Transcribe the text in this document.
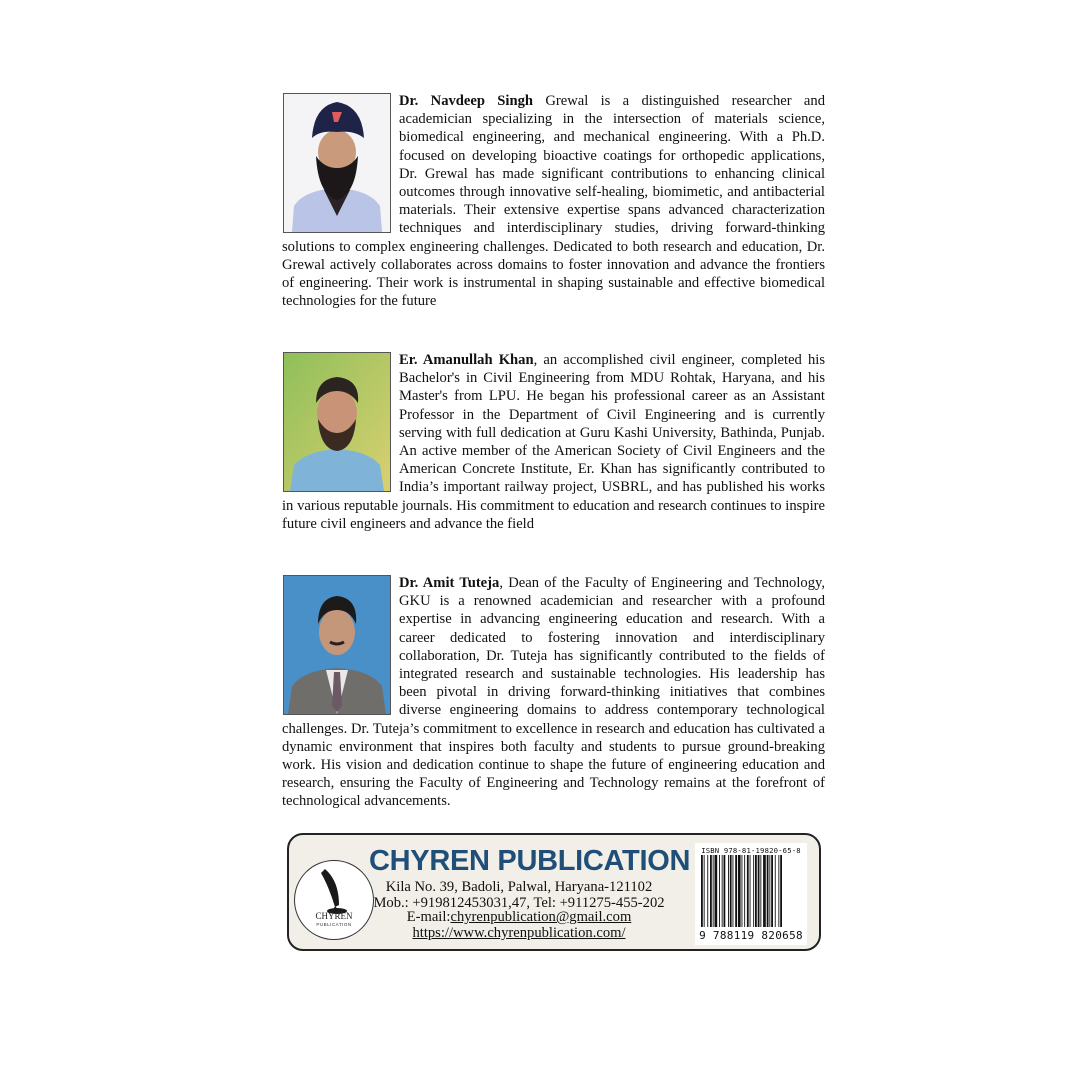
Dr. Navdeep Singh Grewal is a distinguished researcher and academician specializing in the intersection of materials science, biomedical engineering, and mechanical engineering. With a Ph.D. focused on developing bioactive coatings for orthopedic applications, Dr. Grewal has made significant contributions to enhancing clinical outcomes through innovative self-healing, biomimetic, and antibacterial materials. Their extensive expertise spans advanced characterization techniques and interdisciplinary studies, driving forward-thinking solutions to complex engineering challenges. Dedicated to both research and education, Dr. Grewal actively collaborates across domains to foster innovation and advance the frontiers of engineering. Their work is instrumental in shaping sustainable and effective biomedical technologies for the future

Er. Amanullah Khan, an accomplished civil engineer, completed his Bachelor's in Civil Engineering from MDU Rohtak, Haryana, and his Master's from LPU. He began his professional career as an Assistant Professor in the Department of Civil Engineering and is currently serving with full dedication at Guru Kashi University, Bathinda, Punjab. An active member of the American Society of Civil Engineers and the American Concrete Institute, Er. Khan has significantly contributed to India’s important railway project, USBRL, and has published his works in various reputable journals. His commitment to education and research continues to inspire future civil engineers and advance the field

Dr. Amit Tuteja, Dean of the Faculty of Engineering and Technology, GKU is a renowned academician and researcher with a profound expertise in advancing engineering education and research. With a career dedicated to fostering innovation and interdisciplinary collaboration, Dr. Tuteja has significantly contributed to the fields of integrated research and sustainable technologies. His leadership has been pivotal in driving forward-thinking initiatives that combines diverse engineering domains to address contemporary technological challenges. Dr. Tuteja’s commitment to excellence in research and education has cultivated a dynamic environment that inspires both faculty and students to pursue ground-breaking work. His vision and dedication continue to shape the future of engineering education and research, ensuring the Faculty of Engineering and Technology remains at the forefront of technological advancements.

CHYREN
PUBLICATION
CHYREN PUBLICATION
Kila No. 39, Badoli, Palwal, Haryana-121102
Mob.: +919812453031,47, Tel: +911275-455-202
E-mail:chyrenpublication@gmail.com
https://www.chyrenpublication.com/
ISBN 978-81-19820-65-8
9 788119 820658
